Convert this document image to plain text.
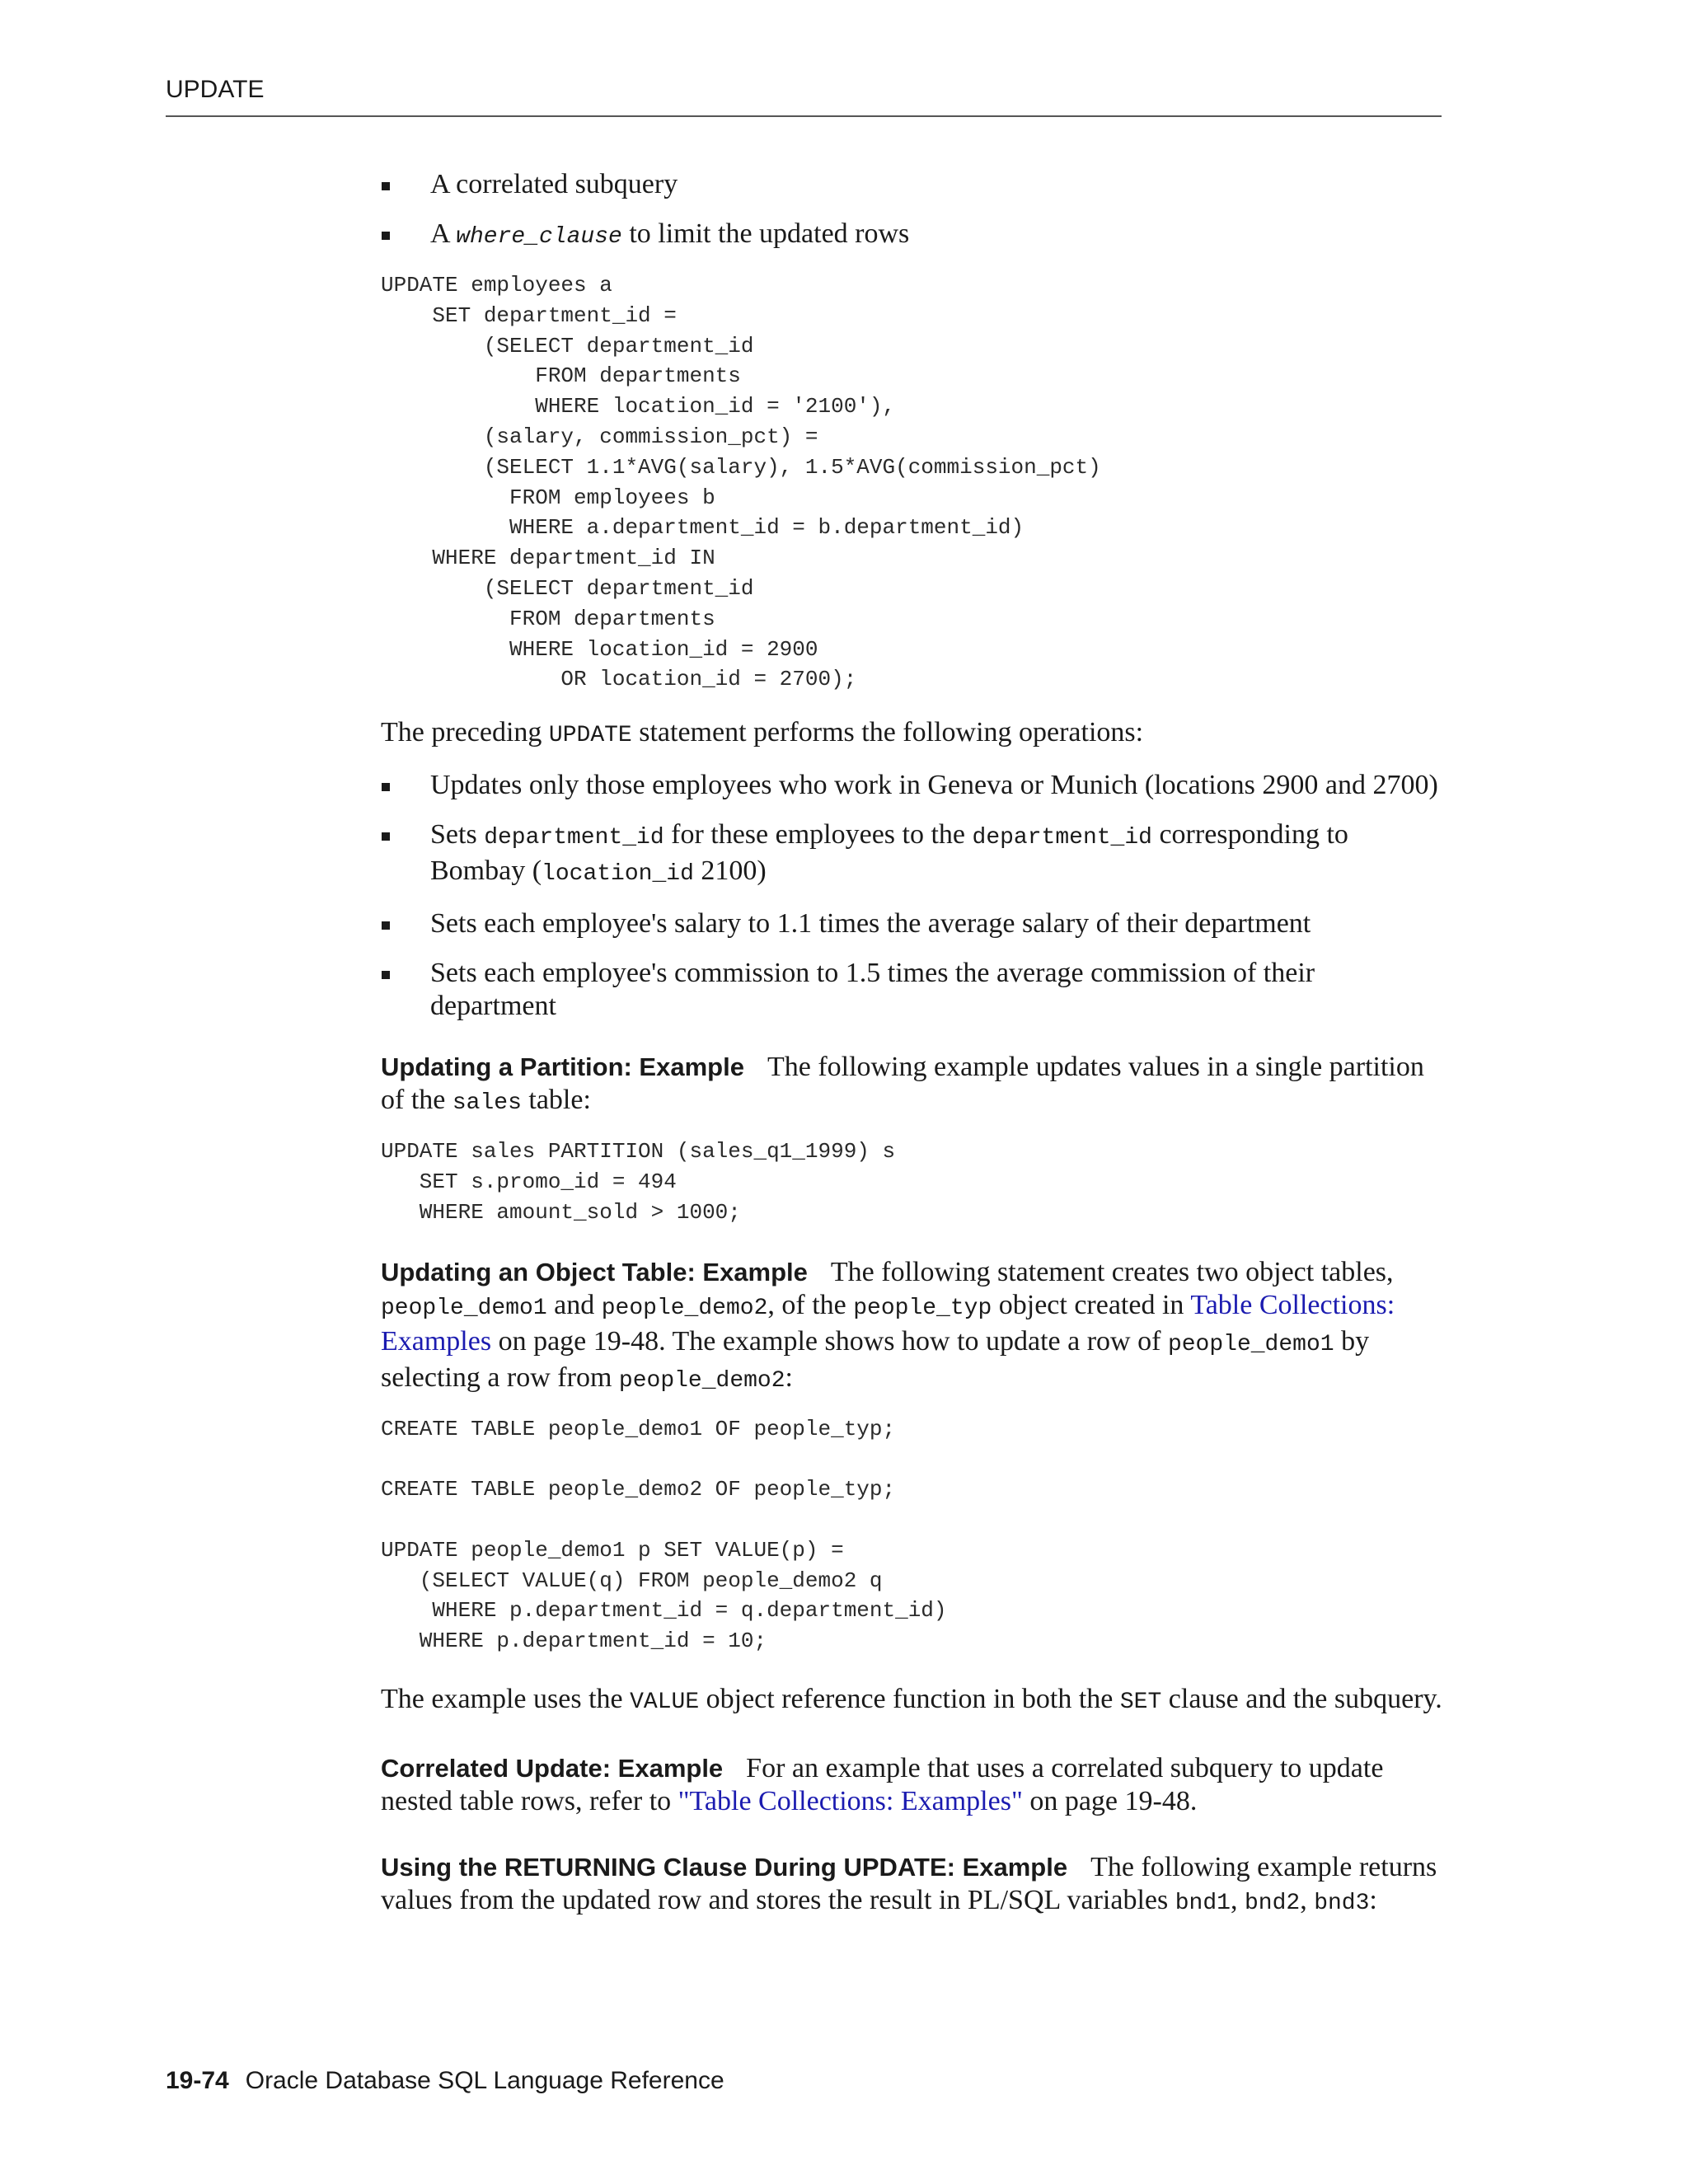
UPDATE
A correlated subquery
A where_clause to limit the updated rows
UPDATE employees a
SET department_id =
(SELECT department_id
FROM departments
WHERE location_id = '2100'),
(salary, commission_pct) =
(SELECT 1.1*AVG(salary), 1.5*AVG(commission_pct)
FROM employees b
WHERE a.department_id = b.department_id)
WHERE department_id IN
(SELECT department_id
FROM departments
WHERE location_id = 2900
OR location_id = 2700);

The preceding UPDATE statement performs the following operations:

Updates only those employees who work in Geneva or Munich (locations 2900 and 2700)
Sets department_id for these employees to the department_id corresponding to Bombay (location_id 2100)
Sets each employee's salary to 1.1 times the average salary of their department
Sets each employee's commission to 1.5 times the average commission of their department

Updating a Partition: Example The following example updates values in a single partition of the sales table:

UPDATE sales PARTITION (sales_q1_1999) s
SET s.promo_id = 494
WHERE amount_sold > 1000;

Updating an Object Table: Example The following statement creates two object tables, people_demo1 and people_demo2, of the people_typ object created in Table Collections: Examples on page 19-48. The example shows how to update a row of people_demo1 by selecting a row from people_demo2:

CREATE TABLE people_demo1 OF people_typ;

CREATE TABLE people_demo2 OF people_typ;

UPDATE people_demo1 p SET VALUE(p) =
(SELECT VALUE(q) FROM people_demo2 q
WHERE p.department_id = q.department_id)
WHERE p.department_id = 10;

The example uses the VALUE object reference function in both the SET clause and the subquery.

Correlated Update: Example For an example that uses a correlated subquery to update nested table rows, refer to "Table Collections: Examples" on page 19-48.

Using the RETURNING Clause During UPDATE: Example The following example returns values from the updated row and stores the result in PL/SQL variables bnd1, bnd2, bnd3:

19-74 Oracle Database SQL Language Reference
